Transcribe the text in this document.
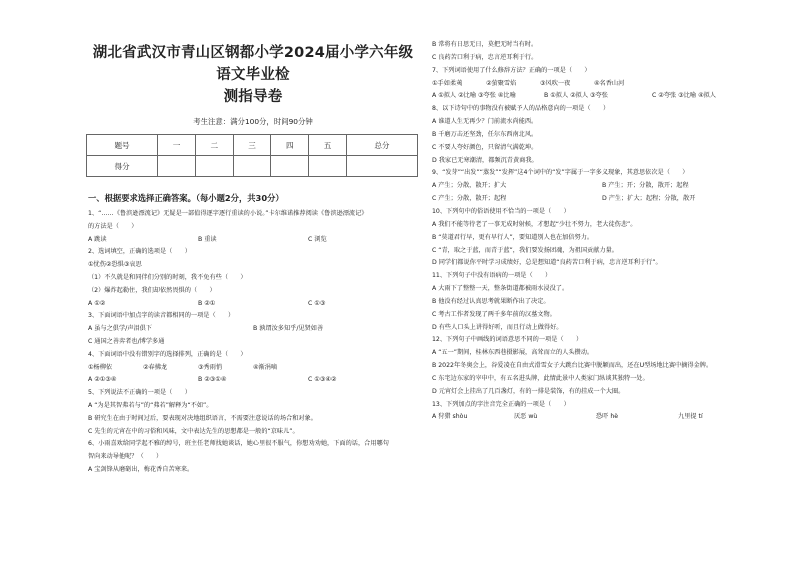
湖北省武汉市青山区钢都小学2024届小学六年级语文毕业检
测指导卷
考生注意：满分100分，时间90分钟
题号	一	二	三	四	五	总分
得分						
一、根据要求选择正确答案。（每小题2分，共30分）
1、“……《鲁滨逊漂流记》无疑是一部值得逐字逐行重读的小说。”卡尔维诺推荐阅读《鲁滨逊漂流记》
的方法是（　　）
A 跳读	B 重读	C 浏览
2、选词填空，正确的选项是（　　）
①忧伤②恐惧③哀思
（1）不久就是和同伴们分别的时刻，我不免有些（　　）
（2）爆炸起勒住，我们却依然畏惧的（　　）
A ①②	B ②①	C ①③
3、下面词语中加点字的读音都相同的一项是（　　）
A 虽与之俱学/声泪俱下	B 孰谓汝多知乎/见贤如善
C 通国之善弈者也/博学多通
4、下面词语中没有错别字的选择排列，正确的是（　　）
①杨柳依	②春拂龙	③秀雨悄	④渐涓嘀
A ②①③④	B ②③①④	C ①③④②
5、下列说法不正确的一项是（　　）
A “为是其智弗若与”的“弗若”解释为“不如”。
B 研究生在由于时间过后，要表现对决地组织语言，不需要注意说话的场合和对象。
C 先生的元宵在中的习俗和风味，文中表达先生的思想都是一般的“京味儿”。
6、小雨喜欢给同学起不雅的绰号，班主任老师找她谈话，她心里很不服气，你想劝劝她，下面的话，合用哪句
智向来动导他呢？（　　）
A 宝剑锋从磨砺出，梅花香自苦寒来。
B 常将有日思无日，莫把无时当有时。
C 良药苦口利于病，忠言逆耳利于行。
7、下列词语使用了什么修辞方法？正确的一项是（　　）
①手如柔荑	②萤聚雪焰	③风吹一夜	④名香山河
A ①拟人 ②比喻 ③夸张 ④比喻	B ①拟人 ②拟人 ③夸张	C ②夸张 ③比喻 ④拟人
8、以下诗句中的事物没有被赋予人的品格意向的一项是（　　）
A 谁道人生无再少？门前流水尚能西。
B 千磨万击还坚劲，任尔东西南北风。
C 不要人夸好颜色，只留清气满乾坤。
D 我家已无寒潮清，都频沉青黄商我。
9、“发芽”“出发”“蒸发”“发挥”这4个词中的“发”字属于一字多义现象，其意思依次是（　　）
A 产生；分散，散开；扩大	B 产生；开；分散，散开；起程
C 产生；分散，散开；起程	D 产生；扩大；起程；分散，散开
10、下列句中的俗语使用不恰当的一项是（　　）
A 我们不能等待老了一事无成时射候，才想起“少壮不努力，老大徒伤悲”。
B “莫道君行早，更有早行人”，要知道别人也在加倍努力。
C “青，取之于蓝，而青于蓝”，我们要发扬团魂，为祖国贡献力量。
D 同学们都说你平时学习成绩好，总是想知道“良药苦口利于病，忠言逆耳利于行”。
11、下列句子中没有语病的一项是（　　）
A 大雨下了整整一天，整条街道都被雨水浸没了。
B 他没有经过认真思考就果断作出了决定。
C 考古工作者发现了两千多年前的汉墓文物。
D 有些人口头上讲得好听，而且行动上做得好。
12、下列句子中画线的词语意思不同的一项是（　　）
A “五一”期间，桂林东西巷摄影展，高耸而立的人头攒动。
B 2022年冬奥会上，谷爱凌在自由式滑雪女子大跳台比赛中脱颖而出，还在U型场地比赛中摘得金牌。
C 东宅边东家的宰申中，有五名进头牌，此情此景中人类家门纵谈其独特一处。
D 元宵灯会上挂出了几百盏灯，有的一排是装饰，有的挂成一个大圈。
13、下列加点的字注音完全正确的一项是（　　）
A 狩猎 shòu	厌恶 wù	恐吓 hè	九里提 tí
